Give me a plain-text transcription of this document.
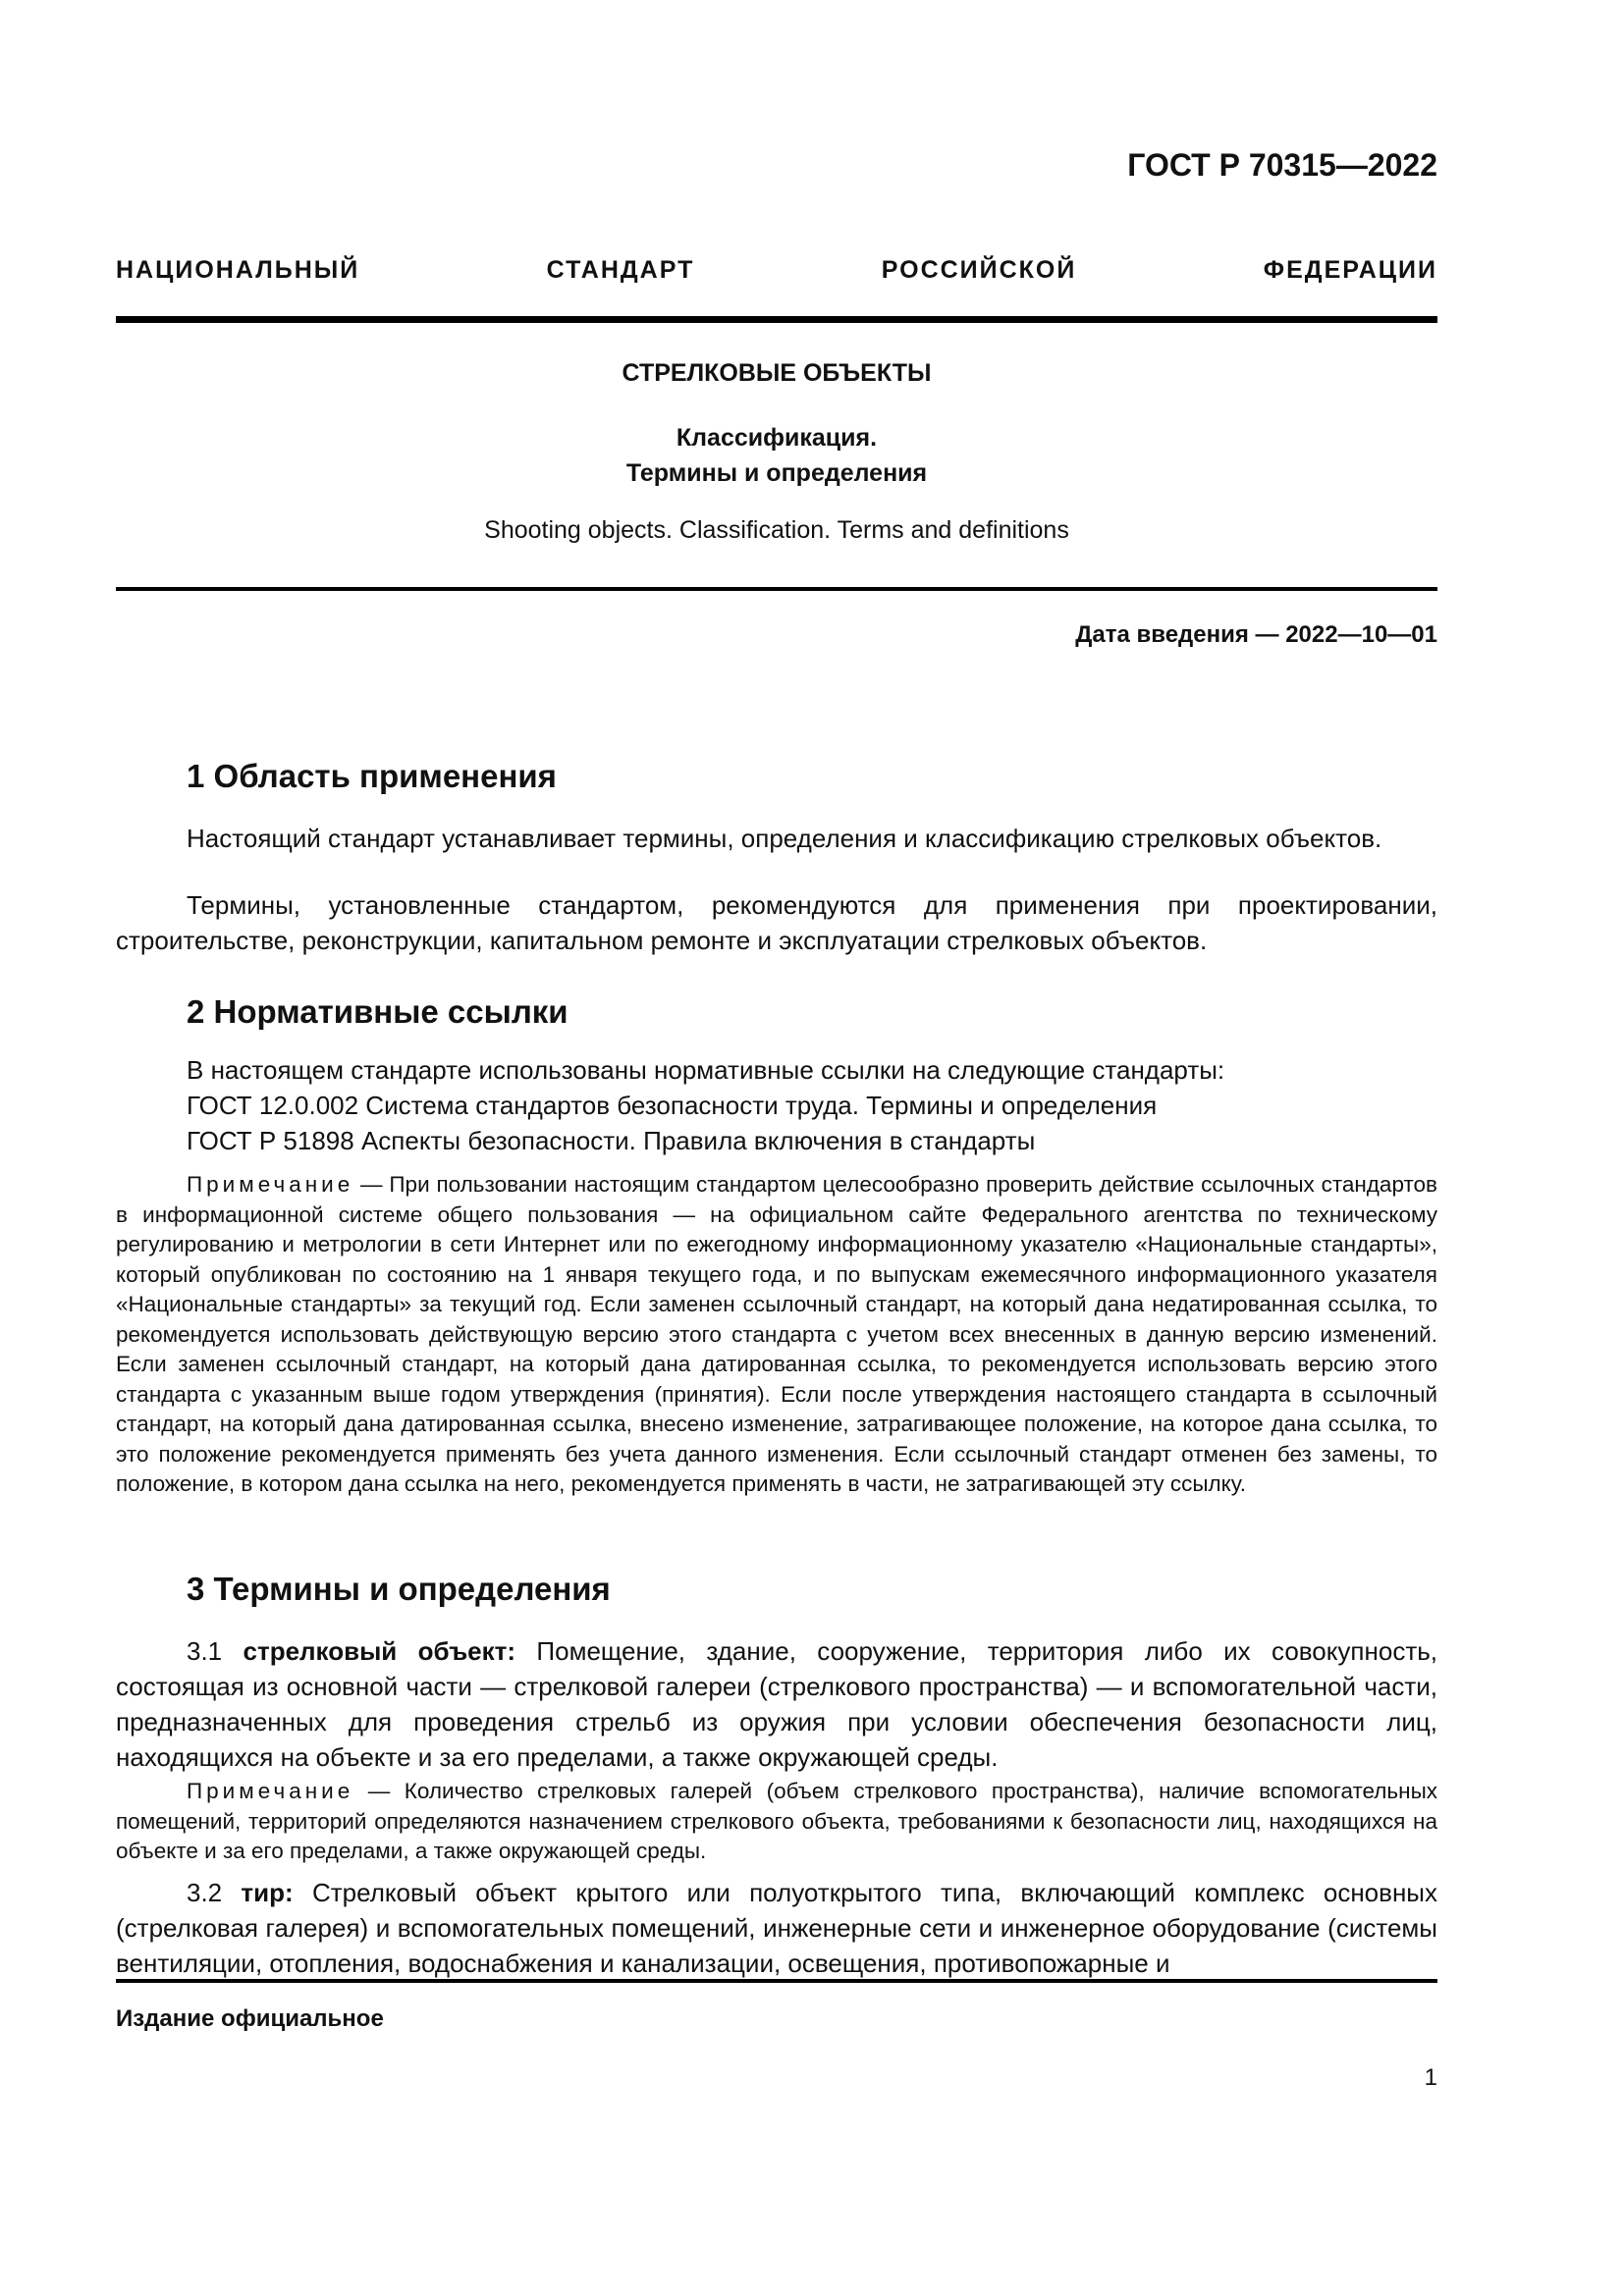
ГОСТ Р 70315—2022
НАЦИОНАЛЬНЫЙ СТАНДАРТ РОССИЙСКОЙ ФЕДЕРАЦИИ
СТРЕЛКОВЫЕ ОБЪЕКТЫ
Классификация.
Термины и определения
Shooting objects. Classification. Terms and definitions
Дата введения — 2022—10—01
1 Область применения
Настоящий стандарт устанавливает термины, определения и классификацию стрелковых объектов.
Термины, установленные стандартом, рекомендуются для применения при проектировании, строительстве, реконструкции, капитальном ремонте и эксплуатации стрелковых объектов.
2 Нормативные ссылки
В настоящем стандарте использованы нормативные ссылки на следующие стандарты:
ГОСТ 12.0.002 Система стандартов безопасности труда. Термины и определения
ГОСТ Р 51898 Аспекты безопасности. Правила включения в стандарты
Примечание — При пользовании настоящим стандартом целесообразно проверить действие ссылочных стандартов в информационной системе общего пользования — на официальном сайте Федерального агентства по техническому регулированию и метрологии в сети Интернет или по ежегодному информационному указателю «Национальные стандарты», который опубликован по состоянию на 1 января текущего года, и по выпускам ежемесячного информационного указателя «Национальные стандарты» за текущий год. Если заменен ссылочный стандарт, на который дана недатированная ссылка, то рекомендуется использовать действующую версию этого стандарта с учетом всех внесенных в данную версию изменений. Если заменен ссылочный стандарт, на который дана датированная ссылка, то рекомендуется использовать версию этого стандарта с указанным выше годом утверждения (принятия). Если после утверждения настоящего стандарта в ссылочный стандарт, на который дана датированная ссылка, внесено изменение, затрагивающее положение, на которое дана ссылка, то это положение рекомендуется применять без учета данного изменения. Если ссылочный стандарт отменен без замены, то положение, в котором дана ссылка на него, рекомендуется применять в части, не затрагивающей эту ссылку.
3 Термины и определения
3.1 стрелковый объект: Помещение, здание, сооружение, территория либо их совокупность, состоящая из основной части — стрелковой галереи (стрелкового пространства) — и вспомогательной части, предназначенных для проведения стрельб из оружия при условии обеспечения безопасности лиц, находящихся на объекте и за его пределами, а также окружающей среды.
Примечание — Количество стрелковых галерей (объем стрелкового пространства), наличие вспомогательных помещений, территорий определяются назначением стрелкового объекта, требованиями к безопасности лиц, находящихся на объекте и за его пределами, а также окружающей среды.
3.2 тир: Стрелковый объект крытого или полуоткрытого типа, включающий комплекс основных (стрелковая галерея) и вспомогательных помещений, инженерные сети и инженерное оборудование (системы вентиляции, отопления, водоснабжения и канализации, освещения, противопожарные и
Издание официальное
1
